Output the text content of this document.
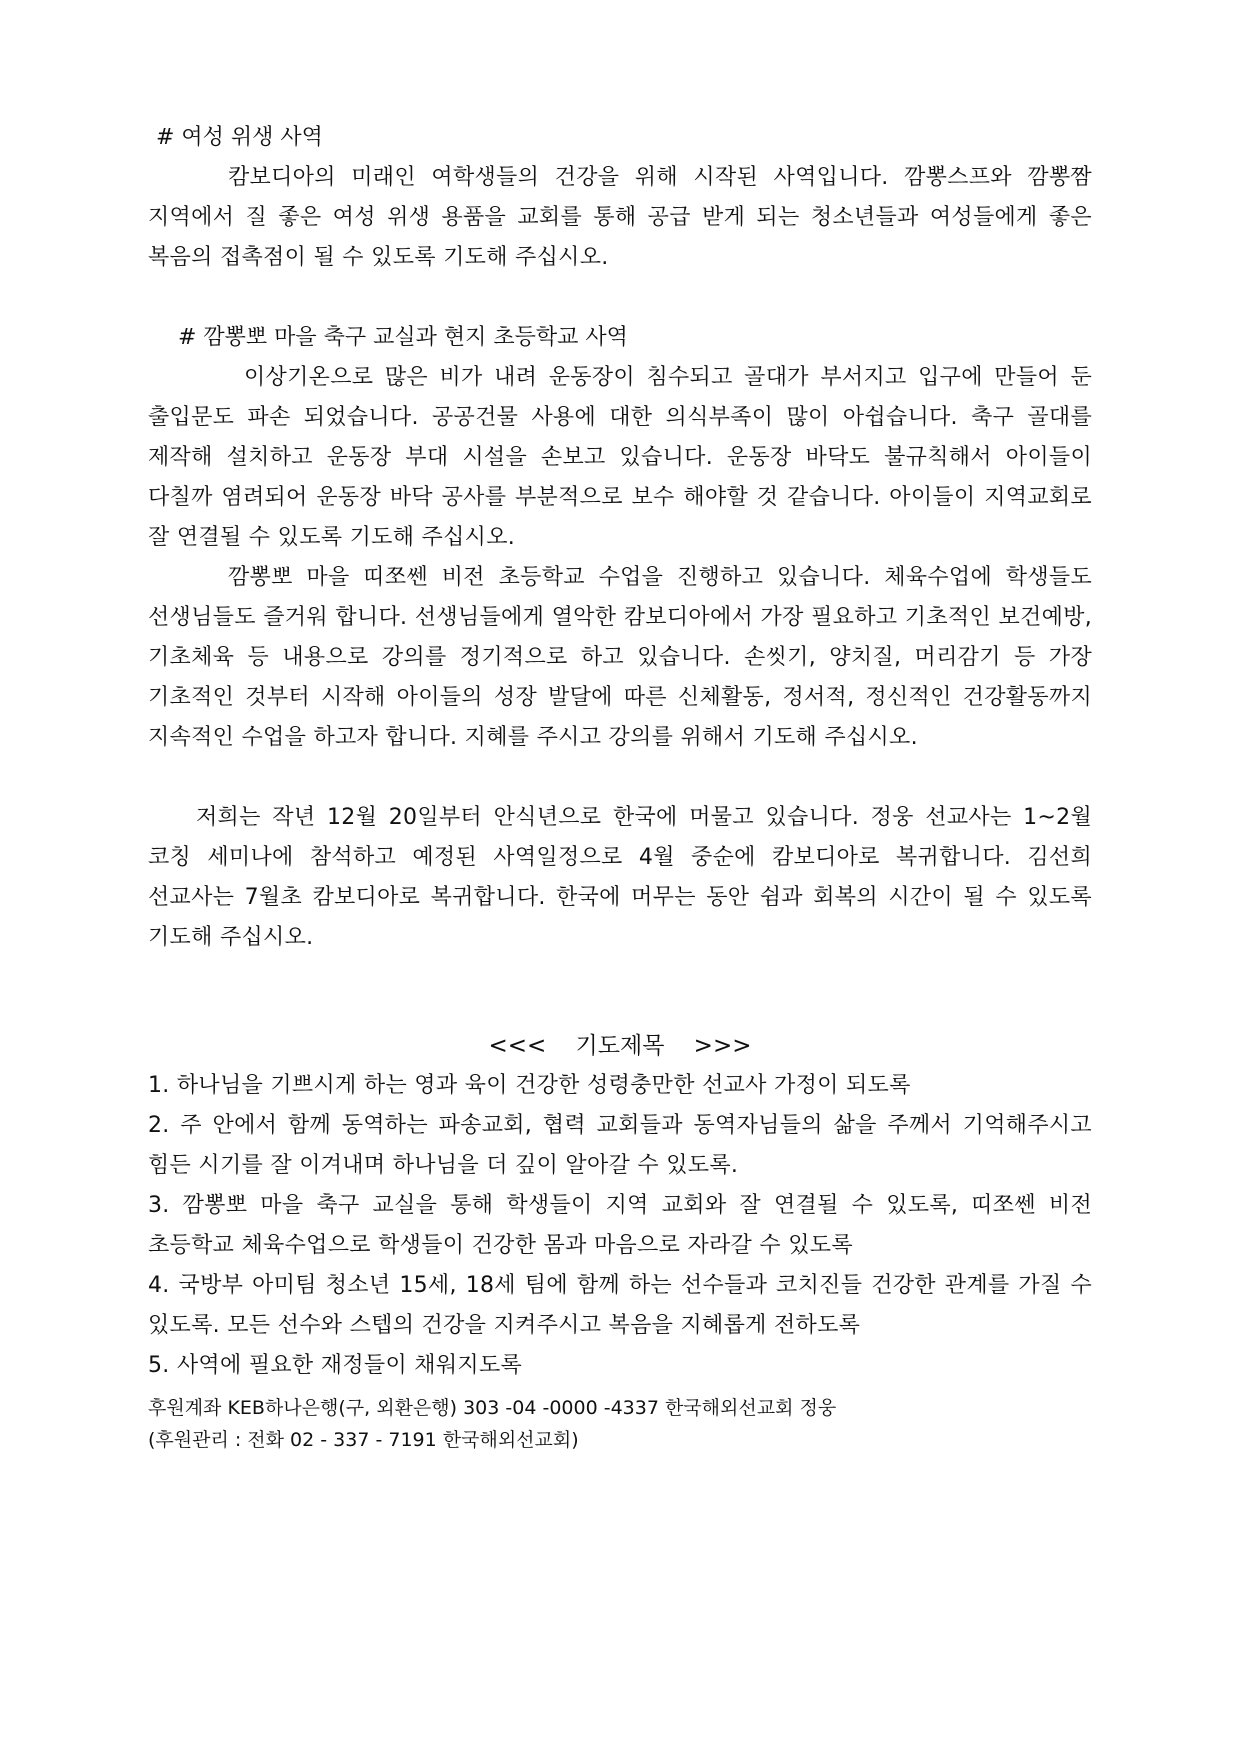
# 여성 위생 사역
캄보디아의 미래인 여학생들의 건강을 위해 시작된 사역입니다. 깜뽕스프와 깜뽕짬 지역에서 질 좋은 여성 위생 용품을 교회를 통해 공급 받게 되는 청소년들과 여성들에게 좋은 복음의 접촉점이 될 수 있도록 기도해 주십시오.
# 깜뽕뽀 마을 축구 교실과 현지 초등학교 사역
이상기온으로 많은 비가 내려 운동장이 침수되고 골대가 부서지고 입구에 만들어 둔 출입문도 파손 되었습니다. 공공건물 사용에 대한 의식부족이 많이 아쉽습니다. 축구 골대를 제작해 설치하고 운동장 부대 시설을 손보고 있습니다. 운동장 바닥도 불규칙해서 아이들이 다칠까 염려되어 운동장 바닥 공사를 부분적으로 보수 해야할 것 같습니다. 아이들이 지역교회로 잘 연결될 수 있도록 기도해 주십시오.
깜뽕뽀 마을 띠쪼쎈 비전 초등학교 수업을 진행하고 있습니다. 체육수업에 학생들도 선생님들도 즐거워 합니다. 선생님들에게 열악한 캄보디아에서 가장 필요하고 기초적인 보건예방, 기초체육 등 내용으로 강의를 정기적으로 하고 있습니다. 손씻기, 양치질, 머리감기 등 가장 기초적인 것부터 시작해 아이들의 성장 발달에 따른 신체활동, 정서적, 정신적인 건강활동까지 지속적인 수업을 하고자 합니다. 지혜를 주시고 강의를 위해서 기도해 주십시오.
저희는 작년 12월 20일부터 안식년으로 한국에 머물고 있습니다. 정웅 선교사는 1~2월 코칭 세미나에 참석하고 예정된 사역일정으로 4월 중순에 캄보디아로 복귀합니다. 김선희 선교사는 7월초 캄보디아로 복귀합니다. 한국에 머무는 동안 쉼과 회복의 시간이 될 수 있도록 기도해 주십시오.
<<<    기도제목    >>>
1. 하나님을 기쁘시게 하는 영과 육이 건강한 성령충만한 선교사 가정이 되도록
2. 주 안에서 함께 동역하는 파송교회, 협력 교회들과 동역자님들의 삶을 주께서 기억해주시고 힘든 시기를 잘 이겨내며 하나님을 더 깊이 알아갈 수 있도록.
3. 깜뽕뽀 마을 축구 교실을 통해 학생들이 지역 교회와 잘 연결될 수 있도록, 띠쪼쎈 비전 초등학교 체육수업으로 학생들이 건강한 몸과 마음으로 자라갈 수 있도록
4. 국방부 아미팀 청소년 15세, 18세 팀에 함께 하는 선수들과 코치진들 건강한 관계를 가질 수 있도록. 모든 선수와 스텝의 건강을 지켜주시고 복음을 지혜롭게 전하도록
5. 사역에 필요한 재정들이 채워지도록
후원계좌 KEB하나은행(구, 외환은행) 303 -04 -0000 -4337 한국해외선교회 정웅
(후원관리 : 전화 02 - 337 - 7191 한국해외선교회)
